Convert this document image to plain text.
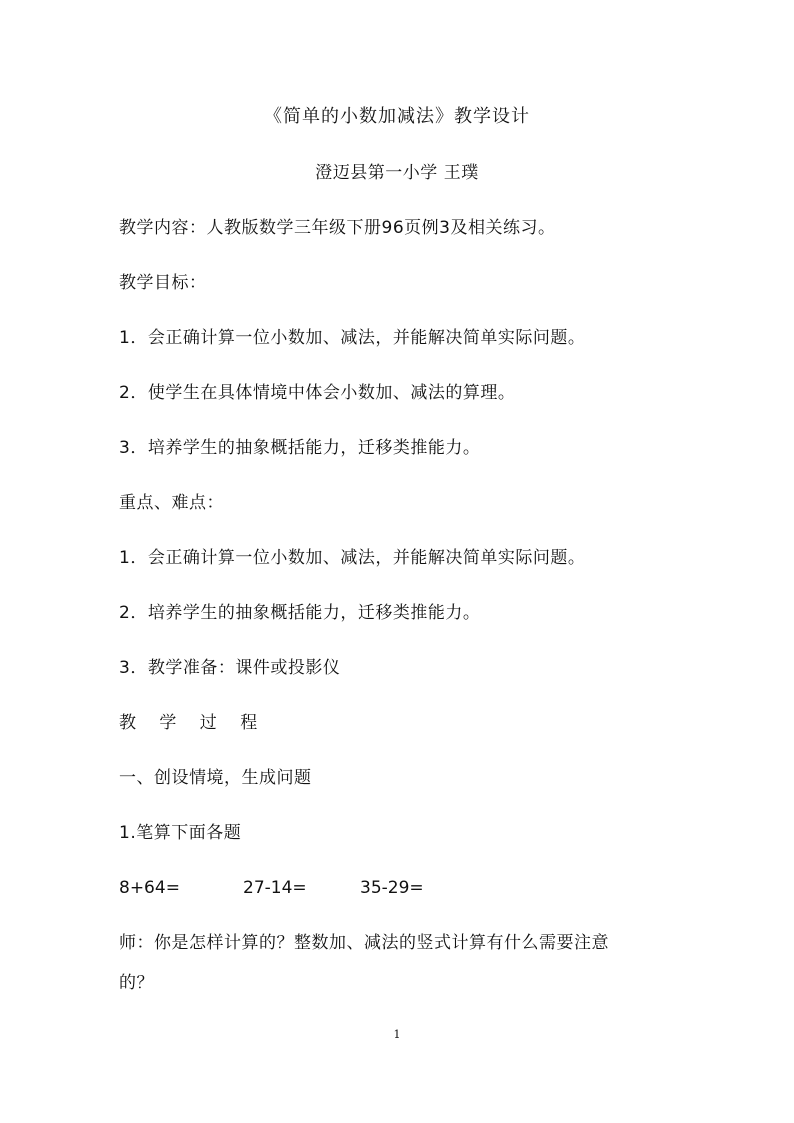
《简单的小数加减法》教学设计
澄迈县第一小学 王璞
教学内容：人教版数学三年级下册96页例3及相关练习。
教学目标：
1．会正确计算一位小数加、减法，并能解决简单实际问题。
2．使学生在具体情境中体会小数加、减法的算理。
3．培养学生的抽象概括能力，迁移类推能力。
重点、难点：
1．会正确计算一位小数加、减法，并能解决简单实际问题。
2．培养学生的抽象概括能力，迁移类推能力。
3．教学准备：课件或投影仪
教 学 过 程
一、创设情境，生成问题
1.笔算下面各题
8+64=	27-14=	35-29=
师：你是怎样计算的？整数加、减法的竖式计算有什么需要注意
的？
1
